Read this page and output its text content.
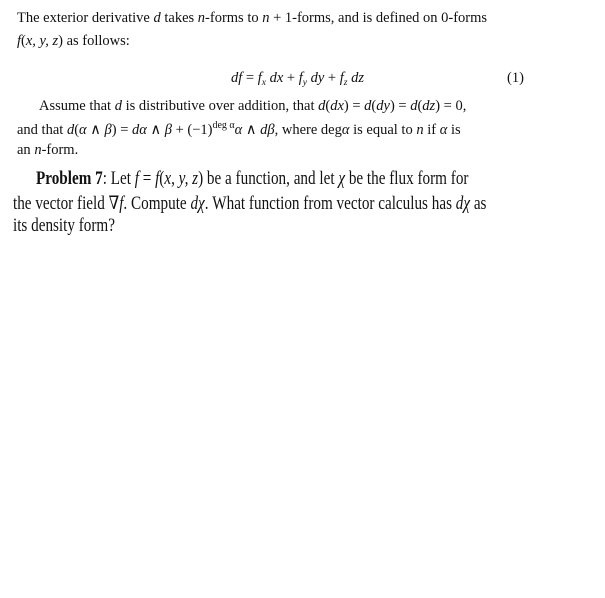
The exterior derivative d takes n-forms to n + 1-forms, and is defined on 0-forms
f(x, y, z) as follows:
df = $f_x$ dx + $f_y$ dy + $f_z$ dz	(1)
Assume that d is distributive over addition, that d(dx) = d(dy) = d(dz) = 0,
and that d(α ∧ β) = dα ∧ $\beta + (-1)^{deg \alpha}\alpha$ ∧ dβ, where degα is equal to n if α is
an n-form.
Problem 7: Let f = f(x, y, z) be a function, and let χ be the flux form for
the vector field ∇f. Compute dχ. What function from vector calculus has dχ as
its density form?
